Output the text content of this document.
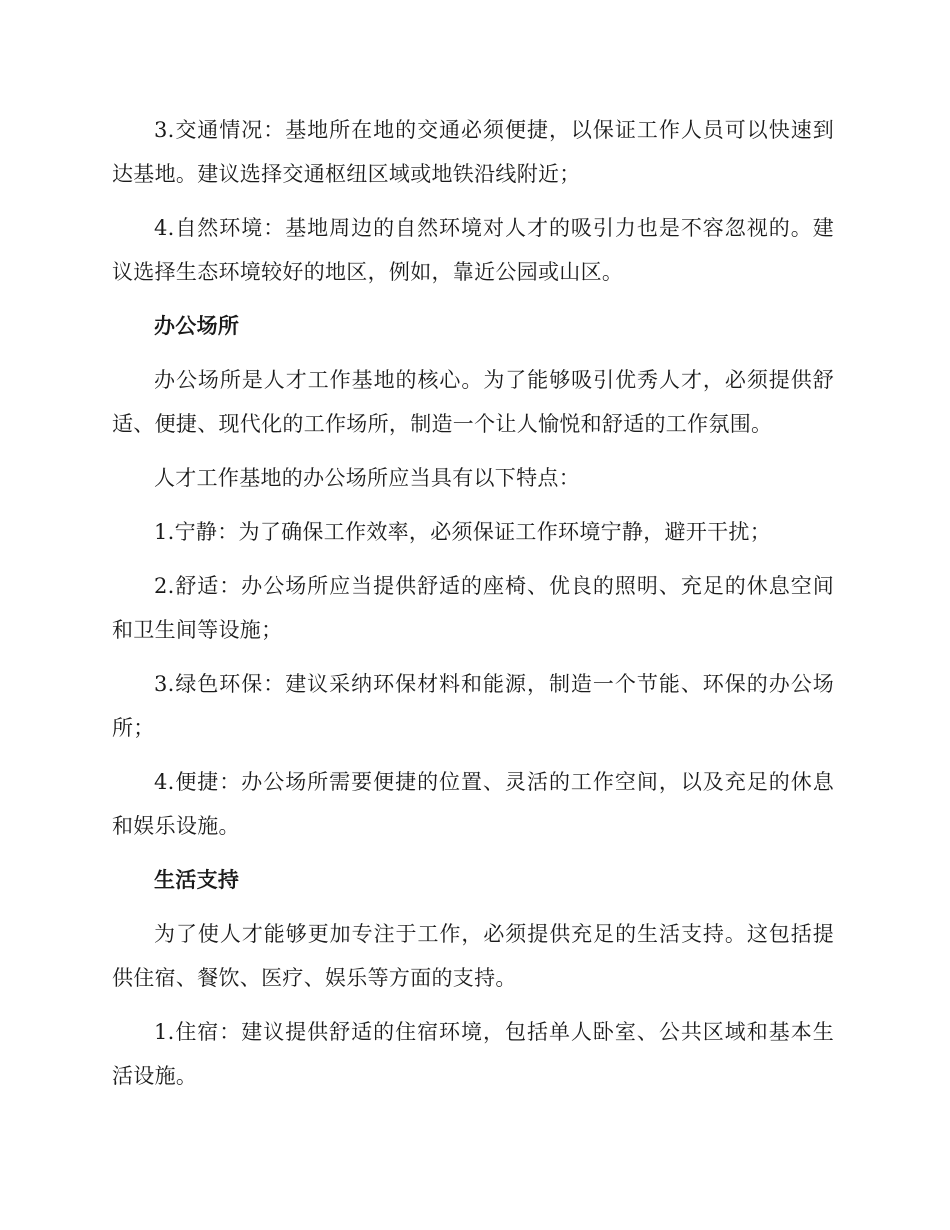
3.交通情况：基地所在地的交通必须便捷，以保证工作人员可以快速到达基地。建议选择交通枢纽区域或地铁沿线附近；

4.自然环境：基地周边的自然环境对人才的吸引力也是不容忽视的。建议选择生态环境较好的地区，例如，靠近公园或山区。

办公场所

办公场所是人才工作基地的核心。为了能够吸引优秀人才，必须提供舒适、便捷、现代化的工作场所，制造一个让人愉悦和舒适的工作氛围。

人才工作基地的办公场所应当具有以下特点：

1.宁静：为了确保工作效率，必须保证工作环境宁静，避开干扰；

2.舒适：办公场所应当提供舒适的座椅、优良的照明、充足的休息空间和卫生间等设施；

3.绿色环保：建议采纳环保材料和能源，制造一个节能、环保的办公场所；

4.便捷：办公场所需要便捷的位置、灵活的工作空间，以及充足的休息和娱乐设施。

生活支持

为了使人才能够更加专注于工作，必须提供充足的生活支持。这包括提供住宿、餐饮、医疗、娱乐等方面的支持。

1.住宿：建议提供舒适的住宿环境，包括单人卧室、公共区域和基本生活设施。
